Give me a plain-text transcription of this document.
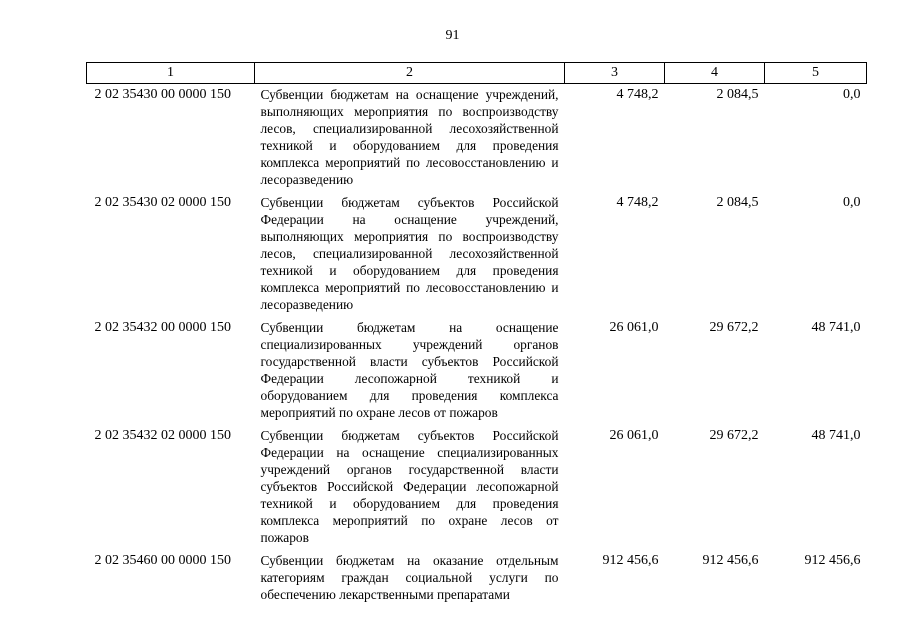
91
1	2	3	4	5
2 02 35430 00 0000 150	Субвенции бюджетам на оснащение учреждений, выполняющих мероприятия по воспроизводству лесов, специализированной лесохозяйственной техникой и оборудованием для проведения комплекса мероприятий по лесовосстановлению и лесоразведению	4 748,2	2 084,5	0,0
2 02 35430 02 0000 150	Субвенции бюджетам субъектов Российской Федерации на оснащение учреждений, выполняющих мероприятия по воспроизводству лесов, специализированной лесохозяйственной техникой и оборудованием для проведения комплекса мероприятий по лесовосстановлению и лесоразведению	4 748,2	2 084,5	0,0
2 02 35432 00 0000 150	Субвенции бюджетам на оснащение специализированных учреждений органов государственной власти субъектов Российской Федерации лесопожарной техникой и оборудованием для проведения комплекса мероприятий по охране лесов от пожаров	26 061,0	29 672,2	48 741,0
2 02 35432 02 0000 150	Субвенции бюджетам субъектов Российской Федерации на оснащение специализированных учреждений органов государственной власти субъектов Российской Федерации лесопожарной техникой и оборудованием для проведения комплекса мероприятий по охране лесов от пожаров	26 061,0	29 672,2	48 741,0
2 02 35460 00 0000 150	Субвенции бюджетам на оказание отдельным категориям граждан социальной услуги по обеспечению лекарственными препаратами	912 456,6	912 456,6	912 456,6
